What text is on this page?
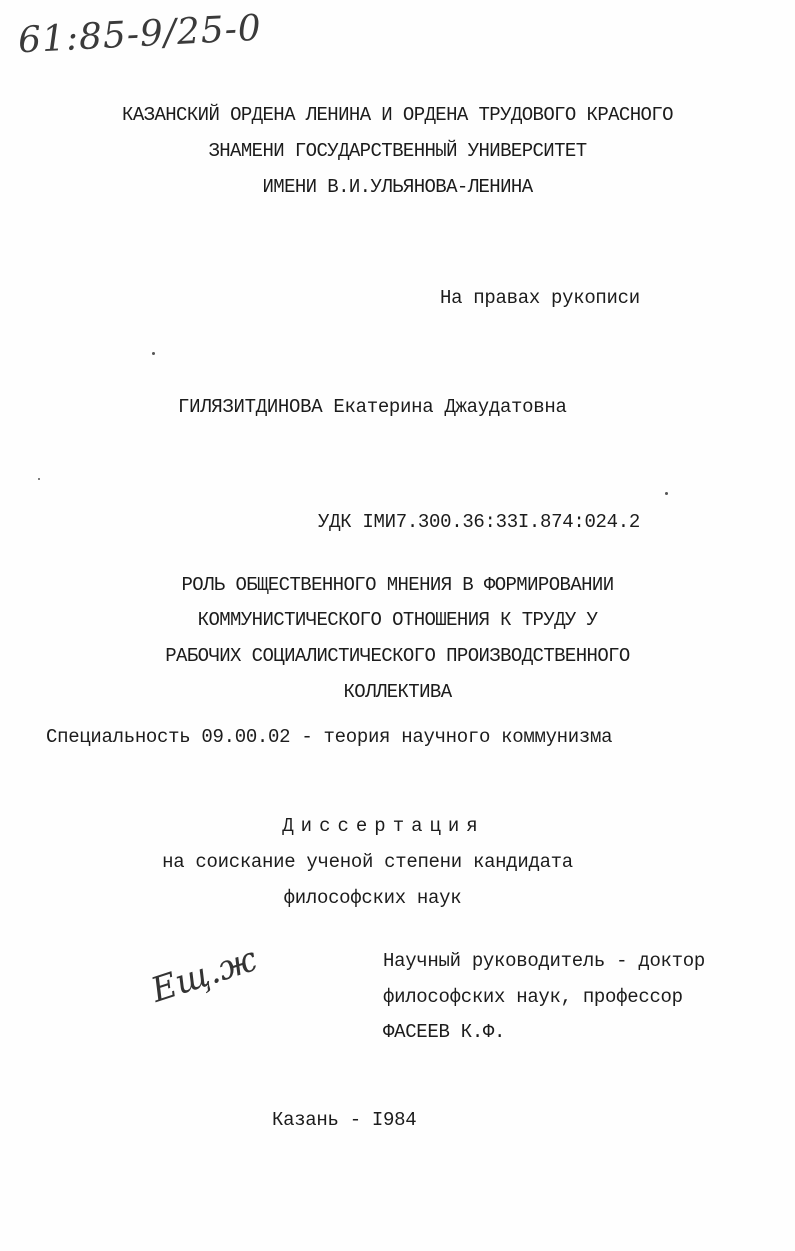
61:85-9/25-0
КАЗАНСКИЙ ОРДЕНА ЛЕНИНА И ОРДЕНА ТРУДОВОГО КРАСНОГО
ЗНАМЕНИ ГОСУДАРСТВЕННЫЙ УНИВЕРСИТЕТ
ИМЕНИ В.И.УЛЬЯНОВА-ЛЕНИНА
На правах рукописи
ГИЛЯЗИТДИНОВА Екатерина Джаудатовна
УДК IMИ7.300.36:33I.874:024.2
РОЛЬ ОБЩЕСТВЕННОГО МНЕНИЯ В ФОРМИРОВАНИИ
КОММУНИСТИЧЕСКОГО ОТНОШЕНИЯ К ТРУДУ У
РАБОЧИХ СОЦИАЛИСТИЧЕСКОГО ПРОИЗВОДСТВЕННОГО
КОЛЛЕКТИВА
Специальность 09.00.02 - теория научного коммунизма
Диссертация
на соискание ученой степени кандидата
философских наук
Ещ.ж	Научный руководитель - доктор
философских наук, профессор
ФАСЕЕВ К.Ф.
Казань - I984
